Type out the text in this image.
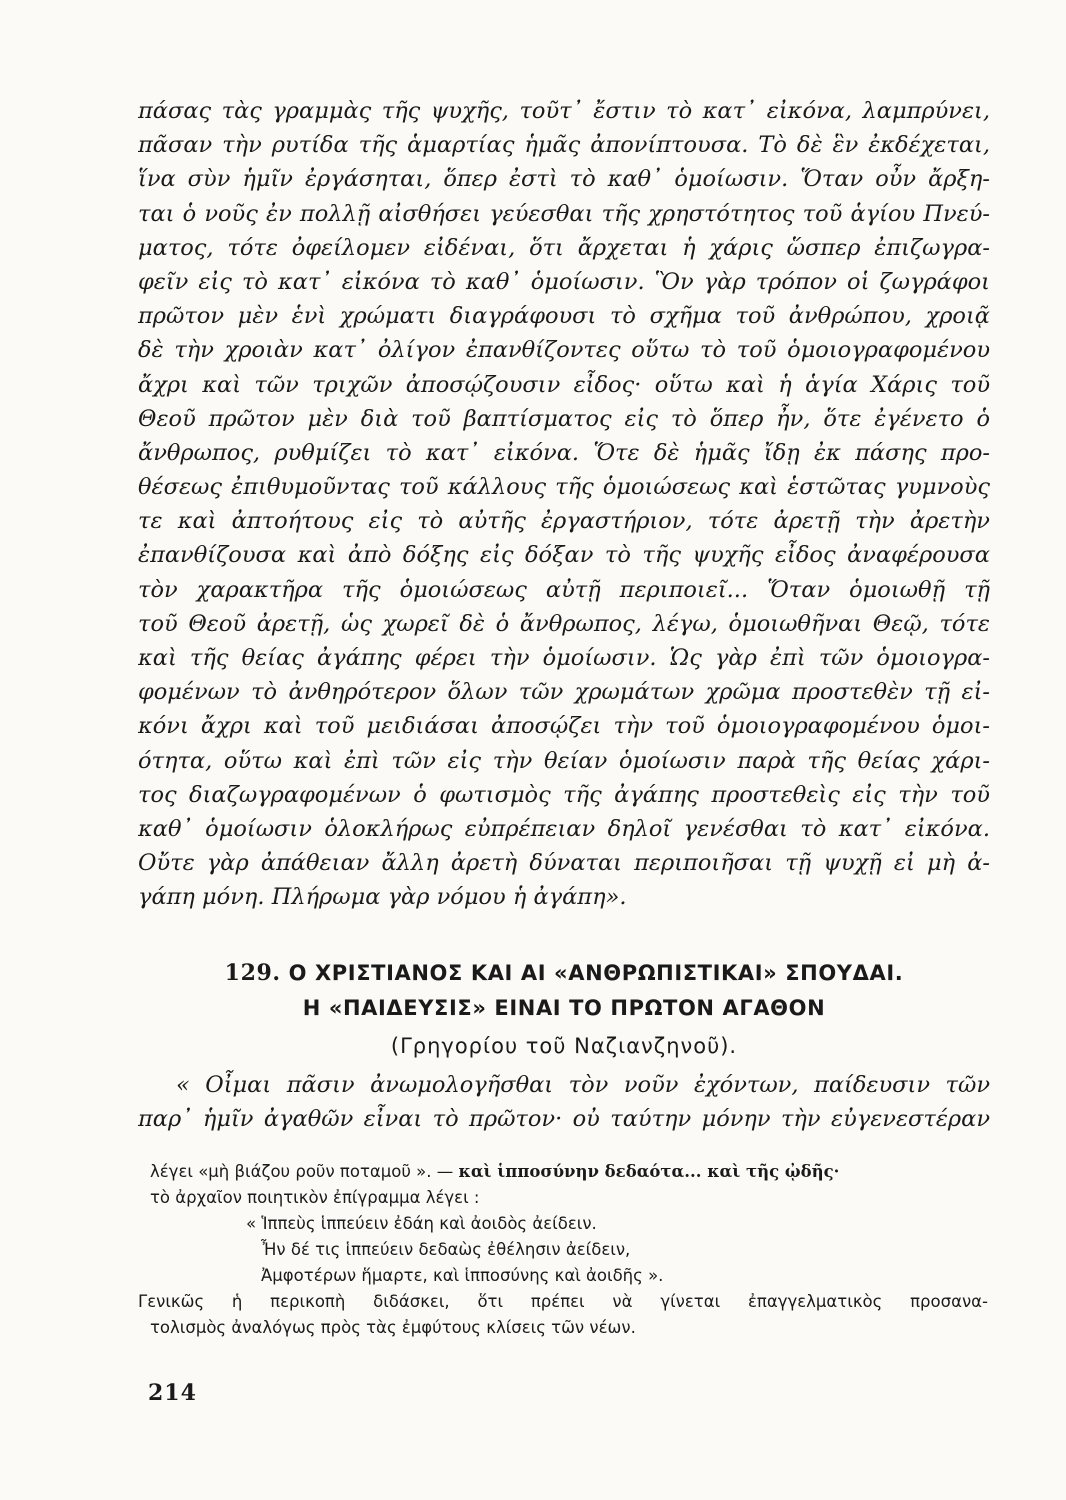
πάσας τὰς γραμμὰς τῆς ψυχῆς, τοῦτ᾽ ἔστιν τὸ κατ᾽ εἰκόνα, λαμπρύνει,
πᾶσαν τὴν ρυτίδα τῆς ἁμαρτίας ἡμᾶς ἀπονίπτουσα. Τὸ δὲ ἓν ἐκδέχεται,
ἵνα σὺν ἡμῖν ἐργάσηται, ὅπερ ἐστὶ τὸ καθ᾽ ὁμοίωσιν. Ὅταν οὖν ἄρξη-
ται ὁ νοῦς ἐν πολλῇ αἰσθήσει γεύεσθαι τῆς χρηστότητος τοῦ ἁγίου Πνεύ-
ματος, τότε ὀφείλομεν εἰδέναι, ὅτι ἄρχεται ἡ χάρις ὥσπερ ἐπιζωγρα-
φεῖν εἰς τὸ κατ᾽ εἰκόνα τὸ καθ᾽ ὁμοίωσιν. Ὃν γὰρ τρόπον οἱ ζωγράφοι
πρῶτον μὲν ἑνὶ χρώματι διαγράφουσι τὸ σχῆμα τοῦ ἀνθρώπου, χροιᾷ
δὲ τὴν χροιὰν κατ᾽ ὀλίγον ἐπανθίζοντες οὕτω τὸ τοῦ ὁμοιογραφομένου
ἄχρι καὶ τῶν τριχῶν ἀποσῴζουσιν εἶδος· οὕτω καὶ ἡ ἁγία Χάρις τοῦ
Θεοῦ πρῶτον μὲν διὰ τοῦ βαπτίσματος εἰς τὸ ὅπερ ἦν, ὅτε ἐγένετο ὁ
ἄνθρωπος, ρυθμίζει τὸ κατ᾽ εἰκόνα. Ὅτε δὲ ἡμᾶς ἴδῃ ἐκ πάσης προ-
θέσεως ἐπιθυμοῦντας τοῦ κάλλους τῆς ὁμοιώσεως καὶ ἑστῶτας γυμνοὺς
τε καὶ ἀπτοήτους εἰς τὸ αὐτῆς ἐργαστήριον, τότε ἀρετῇ τὴν ἀρετὴν
ἐπανθίζουσα καὶ ἀπὸ δόξης εἰς δόξαν τὸ τῆς ψυχῆς εἶδος ἀναφέρουσα
τὸν χαρακτῆρα τῆς ὁμοιώσεως αὐτῇ περιποιεῖ... Ὅταν ὁμοιωθῇ τῇ
τοῦ Θεοῦ ἀρετῇ, ὡς χωρεῖ δὲ ὁ ἄνθρωπος, λέγω, ὁμοιωθῆναι Θεῷ, τότε
καὶ τῆς θείας ἀγάπης φέρει τὴν ὁμοίωσιν. Ὡς γὰρ ἐπὶ τῶν ὁμοιογρα-
φομένων τὸ ἀνθηρότερον ὅλων τῶν χρωμάτων χρῶμα προστεθὲν τῇ εἰ-
κόνι ἄχρι καὶ τοῦ μειδιάσαι ἀποσῴζει τὴν τοῦ ὁμοιογραφομένου ὁμοι-
ότητα, οὕτω καὶ ἐπὶ τῶν εἰς τὴν θείαν ὁμοίωσιν παρὰ τῆς θείας χάρι-
τος διαζωγραφομένων ὁ φωτισμὸς τῆς ἀγάπης προστεθεὶς εἰς τὴν τοῦ
καθ᾽ ὁμοίωσιν ὁλοκλήρως εὐπρέπειαν δηλοῖ γενέσθαι τὸ κατ᾽ εἰκόνα.
Οὔτε γὰρ ἀπάθειαν ἄλλη ἀρετὴ δύναται περιποιῆσαι τῇ ψυχῇ εἰ μὴ ἀ-
γάπη μόνη. Πλήρωμα γὰρ νόμου ἡ ἀγάπη».
129. Ο ΧΡΙΣΤΙΑΝΟΣ ΚΑΙ ΑΙ «ΑΝΘΡΩΠΙΣΤΙΚΑΙ» ΣΠΟΥΔΑΙ.
Η «ΠΑΙΔΕΥΣΙΣ» ΕΙΝΑΙ ΤΟ ΠΡΩΤΟΝ ΑΓΑΘΟΝ
(Γρηγορίου τοῦ Ναζιανζηνοῦ).
« Οἶμαι πᾶσιν ἀνωμολογῆσθαι τὸν νοῦν ἐχόντων, παίδευσιν τῶν
παρ᾽ ἡμῖν ἀγαθῶν εἶναι τὸ πρῶτον· οὐ ταύτην μόνην τὴν εὐγενεστέραν
λέγει «μὴ βιάζου ροῦν ποταμοῦ ». — καὶ ἱπποσύνην δεδαότα... καὶ τῆς ᾠδῆς·
τὸ ἀρχαῖον ποιητικὸν ἐπίγραμμα λέγει :
« Ἱππεὺς ἱππεύειν ἐδάη καὶ ἀοιδὸς ἀείδειν.
Ἦν δέ τις ἱππεύειν δεδαὼς ἐθέλησιν ἀείδειν,
Ἀμφοτέρων ἥμαρτε, καὶ ἱπποσύνης καὶ ἀοιδῆς ».
Γενικῶς ἡ περικοπὴ διδάσκει, ὅτι πρέπει νὰ γίνεται ἐπαγγελματικὸς προσανα-
τολισμὸς ἀναλόγως πρὸς τὰς ἐμφύτους κλίσεις τῶν νέων.
214
